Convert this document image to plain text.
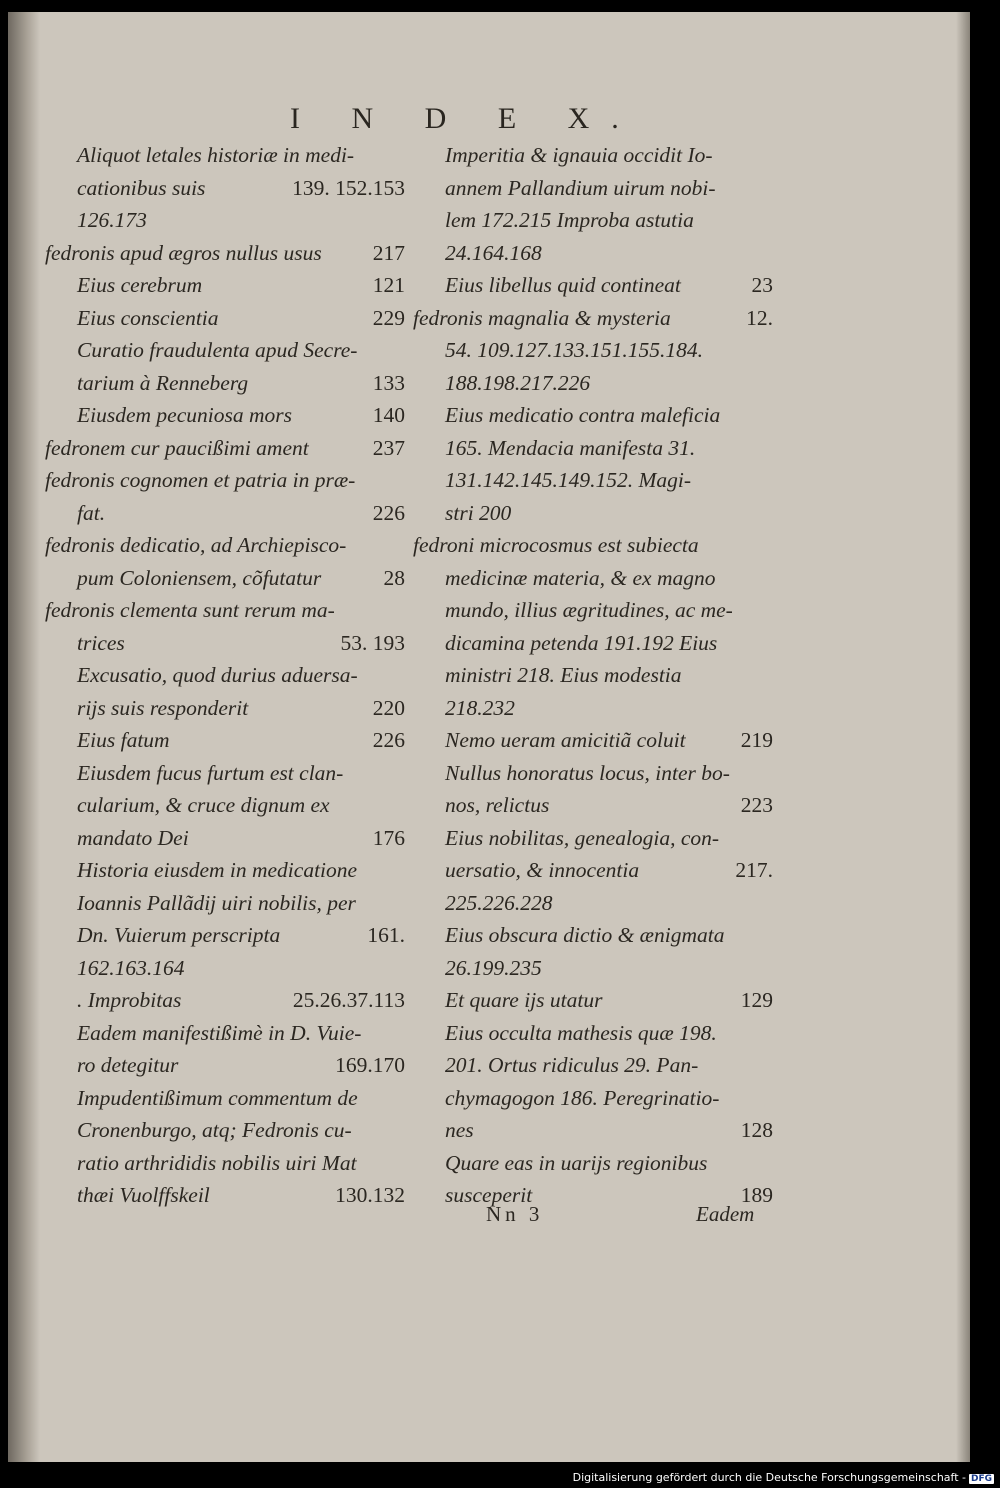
I N D E X.
Aliquot letales historiæ in medi-
cationibus suis	139. 152.153
126.173
fedronis apud ægros nullus usus 217
Eius cerebrum	121
Eius conscientia	229
Curatio fraudulenta apud Secre-
tarium à Renneberg	133
Eiusdem pecuniosa mors	140
fedronem cur paucißimi ament	237
fedronis cognomen et patria in præ-
fat.	226
fedronis dedicatio, ad Archiepisco-
pum Coloniensem, cõfutatur	28
fedronis clementa sunt rerum ma-
trices	53. 193
Excusatio, quod durius aduersa-
rijs suis responderit	220
Eius fatum	226
Eiusdem fucus furtum est clan-
cularium, & cruce dignum ex
mandato Dei	176
Historia eiusdem in medicatione
Ioannis Pallãdij uiri nobilis, per
Dn. Vuierum perscripta	161.
162.163.164
. Improbitas	25.26.37.113
Eadem manifestißimè in D. Vuie-
ro detegitur	169.170
Impudentißimum commentum de
Cronenburgo, atq; Fedronis cu-
ratio arthrididis nobilis uiri Mat
thæi Vuolffskeil	130.132
Imperitia & ignauia occidit Io-
annem Pallandium uirum nobi-
lem 172.215 Improba astutia
24.164.168
Eius libellus quid contineat	23
fedronis magnalia & mysteria	12.
54. 109.127.133.151.155.184.
188.198.217.226
Eius medicatio contra maleficia
165. Mendacia manifesta 31.
131.142.145.149.152. Magi-
stri 200
fedroni microcosmus est subiecta
medicinæ materia, & ex magno
mundo, illius ægritudines, ac me-
dicamina petenda 191.192 Eius
ministri 218. Eius modestia
218.232
Nemo ueram amicitiã coluit	219
Nullus honoratus locus, inter bo-
nos, relictus	223
Eius nobilitas, genealogia, con-
uersatio, & innocentia	217.
225.226.228
Eius obscura dictio & ænigmata
26.199.235
Et quare ijs utatur	129
Eius occulta mathesis quæ 198.
201. Ortus ridiculus 29. Pan-
chymagogon 186. Peregrinatio-
nes	128
Quare eas in uarijs regionibus
susceperit	189
Nn 3	Eadem
Digitalisierung gefördert durch die Deutsche Forschungsgemeinschaft - DFG
